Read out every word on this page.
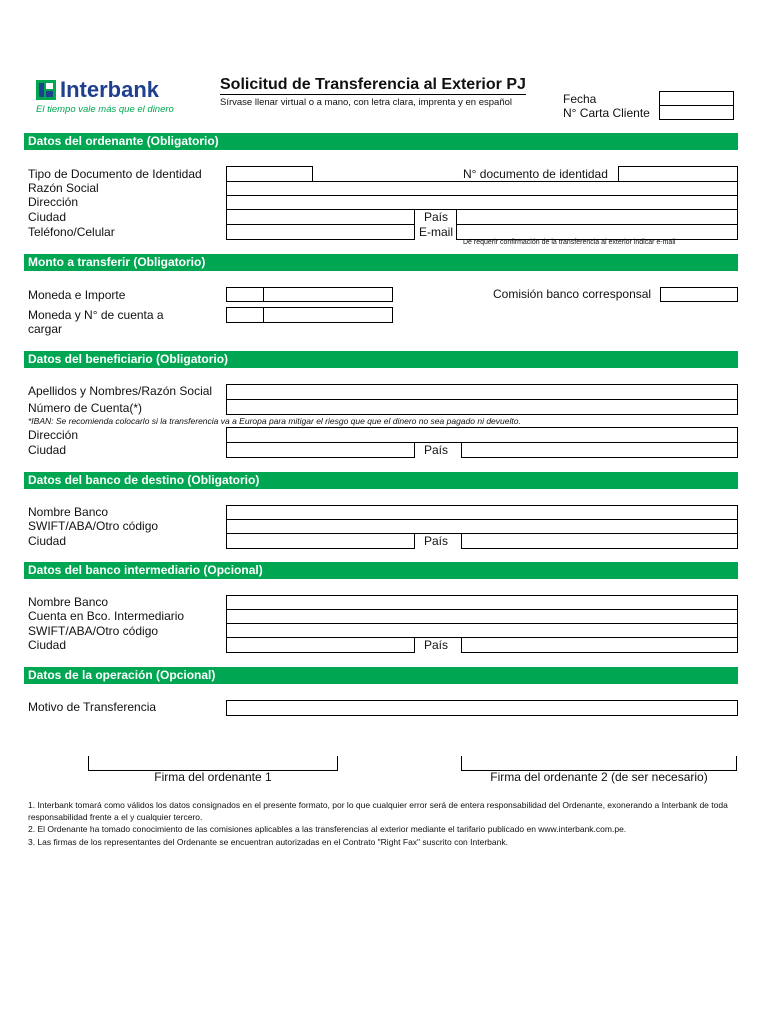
Interbank
El tiempo vale más que el dinero
Solicitud de Transferencia al Exterior PJ
Sírvase llenar virtual o a mano, con letra clara, imprenta y en español	Fecha
N° Carta Cliente
Datos del ordenante (Obligatorio)
Tipo de Documento de Identidad	N° documento de identidad
Razón Social
Dirección
Ciudad	País
Teléfono/Celular	E-mail
De requerir confirmación de la transferencia al exterior indicar e-mail
Monto a transferir (Obligatorio)
Moneda e Importe	Comisión banco corresponsal
Moneda y N° de cuenta a
cargar
Datos del beneficiario (Obligatorio)
Apellidos y Nombres/Razón Social
Número de Cuenta(*)
*IBAN: Se recomienda colocarlo si la transferencia va a Europa para mitigar el riesgo que que el dinero no sea pagado ni devuelto.
Dirección
Ciudad	País
Datos del banco de destino (Obligatorio)
Nombre Banco
SWIFT/ABA/Otro código
Ciudad	País
Datos del banco intermediario (Opcional)
Nombre Banco
Cuenta en Bco. Intermediario
SWIFT/ABA/Otro código
Ciudad	País
Datos de la operación (Opcional)
Motivo de Transferencia
Firma del ordenante 1	Firma del ordenante 2 (de ser necesario)
1. Interbank tomará como válidos los datos consignados en el presente formato, por lo que cualquier error será de entera responsabilidad del Ordenante, exonerando a Interbank de toda responsabilidad frente a el y cualquier tercero.
2. El Ordenante ha tomado conocimiento de las comisiones aplicables a las transferencias al exterior mediante el tarifario publicado en www.interbank.com.pe.
3. Las firmas de los representantes del Ordenante se encuentran autorizadas en el Contrato "Right Fax" suscrito con Interbank.
